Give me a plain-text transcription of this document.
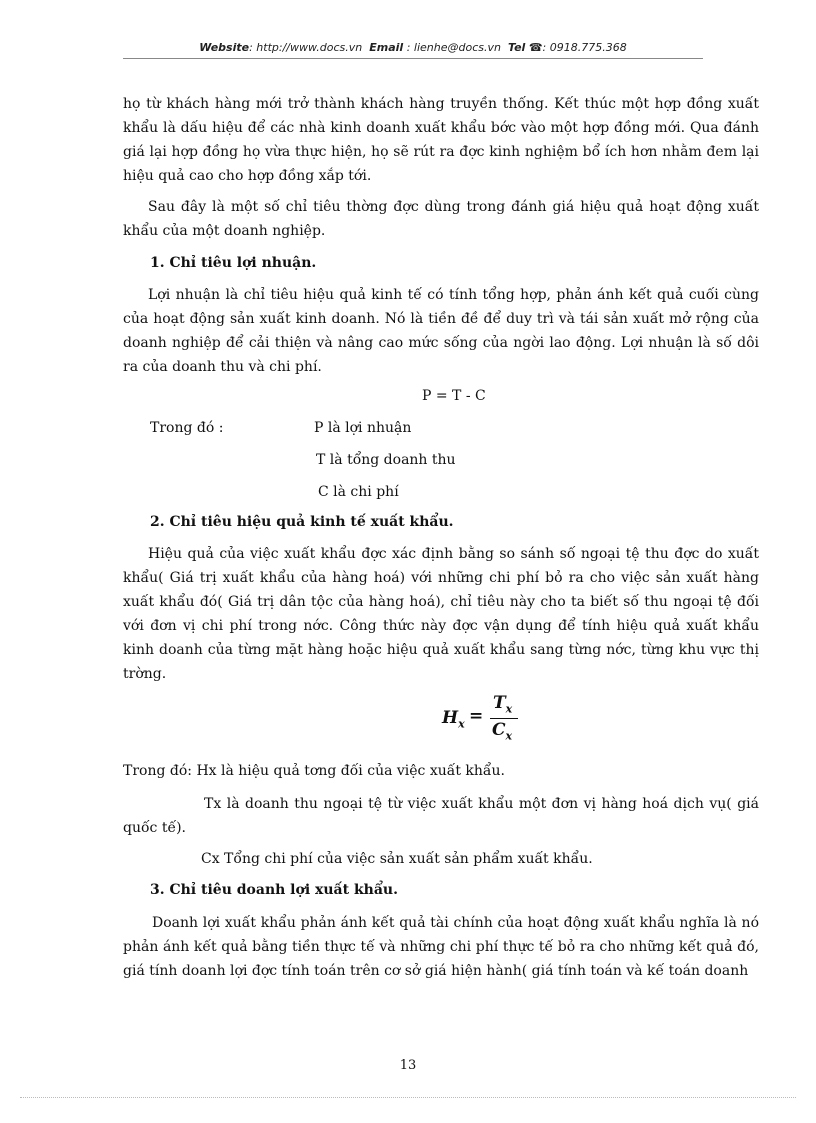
Website: http://www.docs.vn Email : lienhe@docs.vn Tel ☎: 0918.775.368
họ từ khách hàng mới trở thành khách hàng truyền thống. Kết thúc một hợp đồng xuất khẩu là dấu hiệu để các nhà kinh doanh xuất khẩu bớc vào một hợp đồng mới. Qua đánh giá lại hợp đồng họ vừa thực hiện, họ sẽ rút ra đợc kinh nghiệm bổ ích hơn nhằm đem lại hiệu quả cao cho hợp đồng xắp tới.
Sau đây là một số chỉ tiêu thờng đợc dùng trong đánh giá hiệu quả hoạt động xuất khẩu của một doanh nghiệp.
1. Chỉ tiêu lợi nhuận.
Lợi nhuận là chỉ tiêu hiệu quả kinh tế có tính tổng hợp, phản ánh kết quả cuối cùng của hoạt động sản xuất kinh doanh. Nó là tiền đề để duy trì và tái sản xuất mở rộng của doanh nghiệp để cải thiện và nâng cao mức sống của ngời lao động. Lợi nhuận là số dôi ra của doanh thu và chi phí.
P = T - C
Trong đó :	P là lợi nhuận
T là tổng doanh thu
C là chi phí
2. Chỉ tiêu hiệu quả kinh tế xuất khẩu.
Hiệu quả của việc xuất khẩu đợc xác định bằng so sánh số ngoại tệ thu đợc do xuất khẩu( Giá trị xuất khẩu của hàng hoá) với những chi phí bỏ ra cho việc sản xuất hàng xuất khẩu đó( Giá trị dân tộc của hàng hoá), chỉ tiêu này cho ta biết số thu ngoại tệ đối với đơn vị chi phí trong nớc. Công thức này đợc vận dụng để tính hiệu quả xuất khẩu kinh doanh của từng mặt hàng hoặc hiệu quả xuất khẩu sang từng nớc, từng khu vực thị trờng.
$H_x$ =
$T_x$
$C_x$
Trong đó: Hx là hiệu quả tơng đối của việc xuất khẩu.
Tx là doanh thu ngoại tệ từ việc xuất khẩu một đơn vị hàng hoá dịch vụ( giá quốc tế).
Cx Tổng chi phí của việc sản xuất sản phẩm xuất khẩu.
3. Chỉ tiêu doanh lợi xuất khẩu.
Doanh lợi xuất khẩu phản ánh kết quả tài chính của hoạt động xuất khẩu nghĩa là nó phản ánh kết quả bằng tiền thực tế và những chi phí thực tế bỏ ra cho những kết quả đó, giá tính doanh lợi đợc tính toán trên cơ sở giá hiện hành( giá tính toán và kế toán doanh
13
